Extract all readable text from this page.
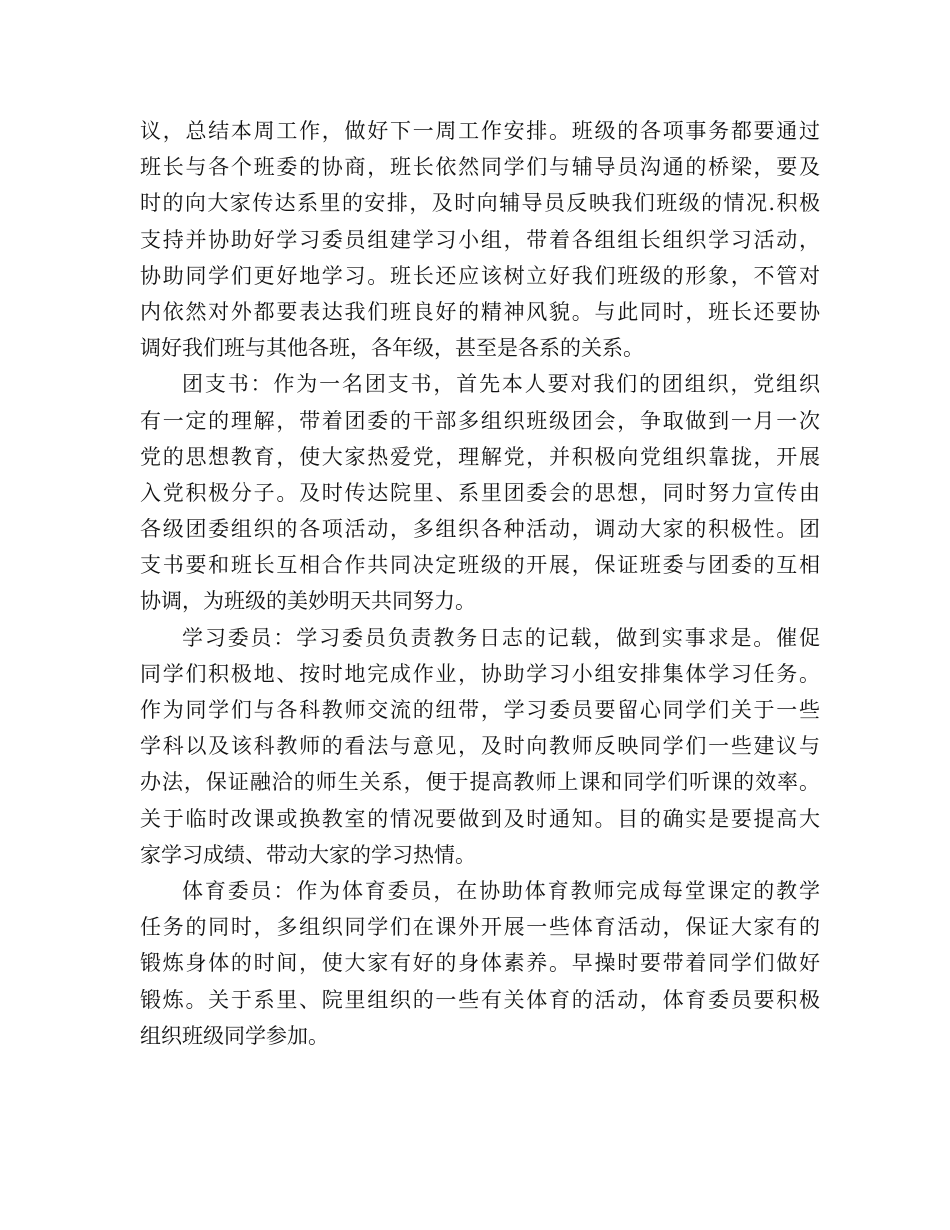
议，总结本周工作，做好下一周工作安排。班级的各项事务都要通过
班长与各个班委的协商，班长依然同学们与辅导员沟通的桥梁，要及
时的向大家传达系里的安排，及时向辅导员反映我们班级的情况.积极
支持并协助好学习委员组建学习小组，带着各组组长组织学习活动，
协助同学们更好地学习。班长还应该树立好我们班级的形象，不管对
内依然对外都要表达我们班良好的精神风貌。与此同时，班长还要协
调好我们班与其他各班，各年级，甚至是各系的关系。
团支书：作为一名团支书，首先本人要对我们的团组织，党组织
有一定的理解，带着团委的干部多组织班级团会，争取做到一月一次
党的思想教育，使大家热爱党，理解党，并积极向党组织靠拢，开展
入党积极分子。及时传达院里、系里团委会的思想，同时努力宣传由
各级团委组织的各项活动，多组织各种活动，调动大家的积极性。团
支书要和班长互相合作共同决定班级的开展，保证班委与团委的互相
协调，为班级的美妙明天共同努力。
学习委员：学习委员负责教务日志的记载，做到实事求是。催促
同学们积极地、按时地完成作业，协助学习小组安排集体学习任务。
作为同学们与各科教师交流的纽带，学习委员要留心同学们关于一些
学科以及该科教师的看法与意见，及时向教师反映同学们一些建议与
办法，保证融洽的师生关系，便于提高教师上课和同学们听课的效率。
关于临时改课或换教室的情况要做到及时通知。目的确实是要提高大
家学习成绩、带动大家的学习热情。
体育委员：作为体育委员，在协助体育教师完成每堂课定的教学
任务的同时，多组织同学们在课外开展一些体育活动，保证大家有的
锻炼身体的时间，使大家有好的身体素养。早操时要带着同学们做好
锻炼。关于系里、院里组织的一些有关体育的活动，体育委员要积极
组织班级同学参加。
